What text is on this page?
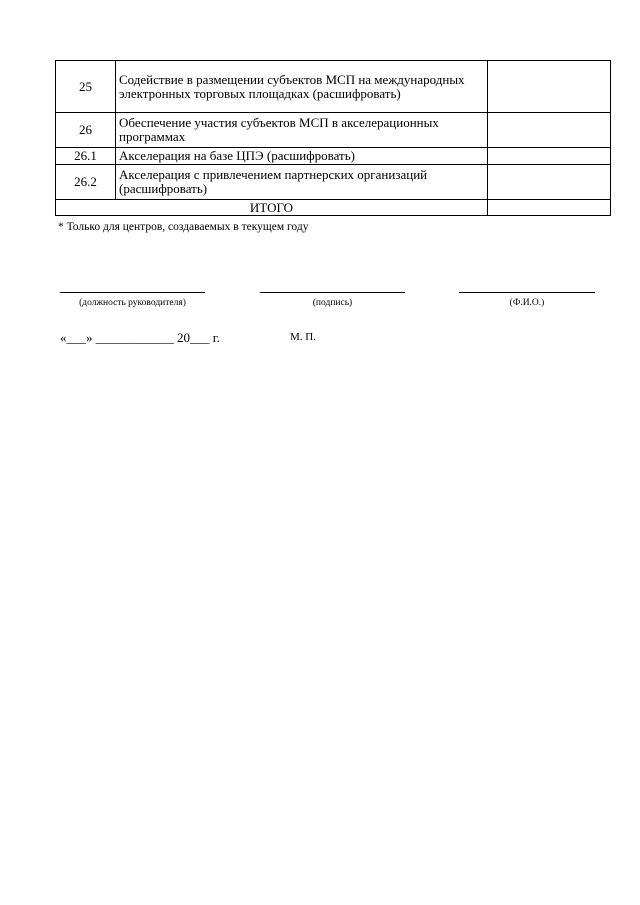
25	Содействие в размещении субъектов МСП на международных электронных торговых площадках (расшифровать)	
26	Обеспечение участия субъектов МСП в акселерационных программах	
26.1	Акселерация на базе ЦПЭ (расшифровать)	
26.2	Акселерация с привлечением партнерских организаций (расшифровать)	
ИТОГО		
* Только для центров, создаваемых в текущем году
(должность руководителя)	(подпись)	(Ф.И.О.)
«___» ____________ 20___ г.	М. П.
